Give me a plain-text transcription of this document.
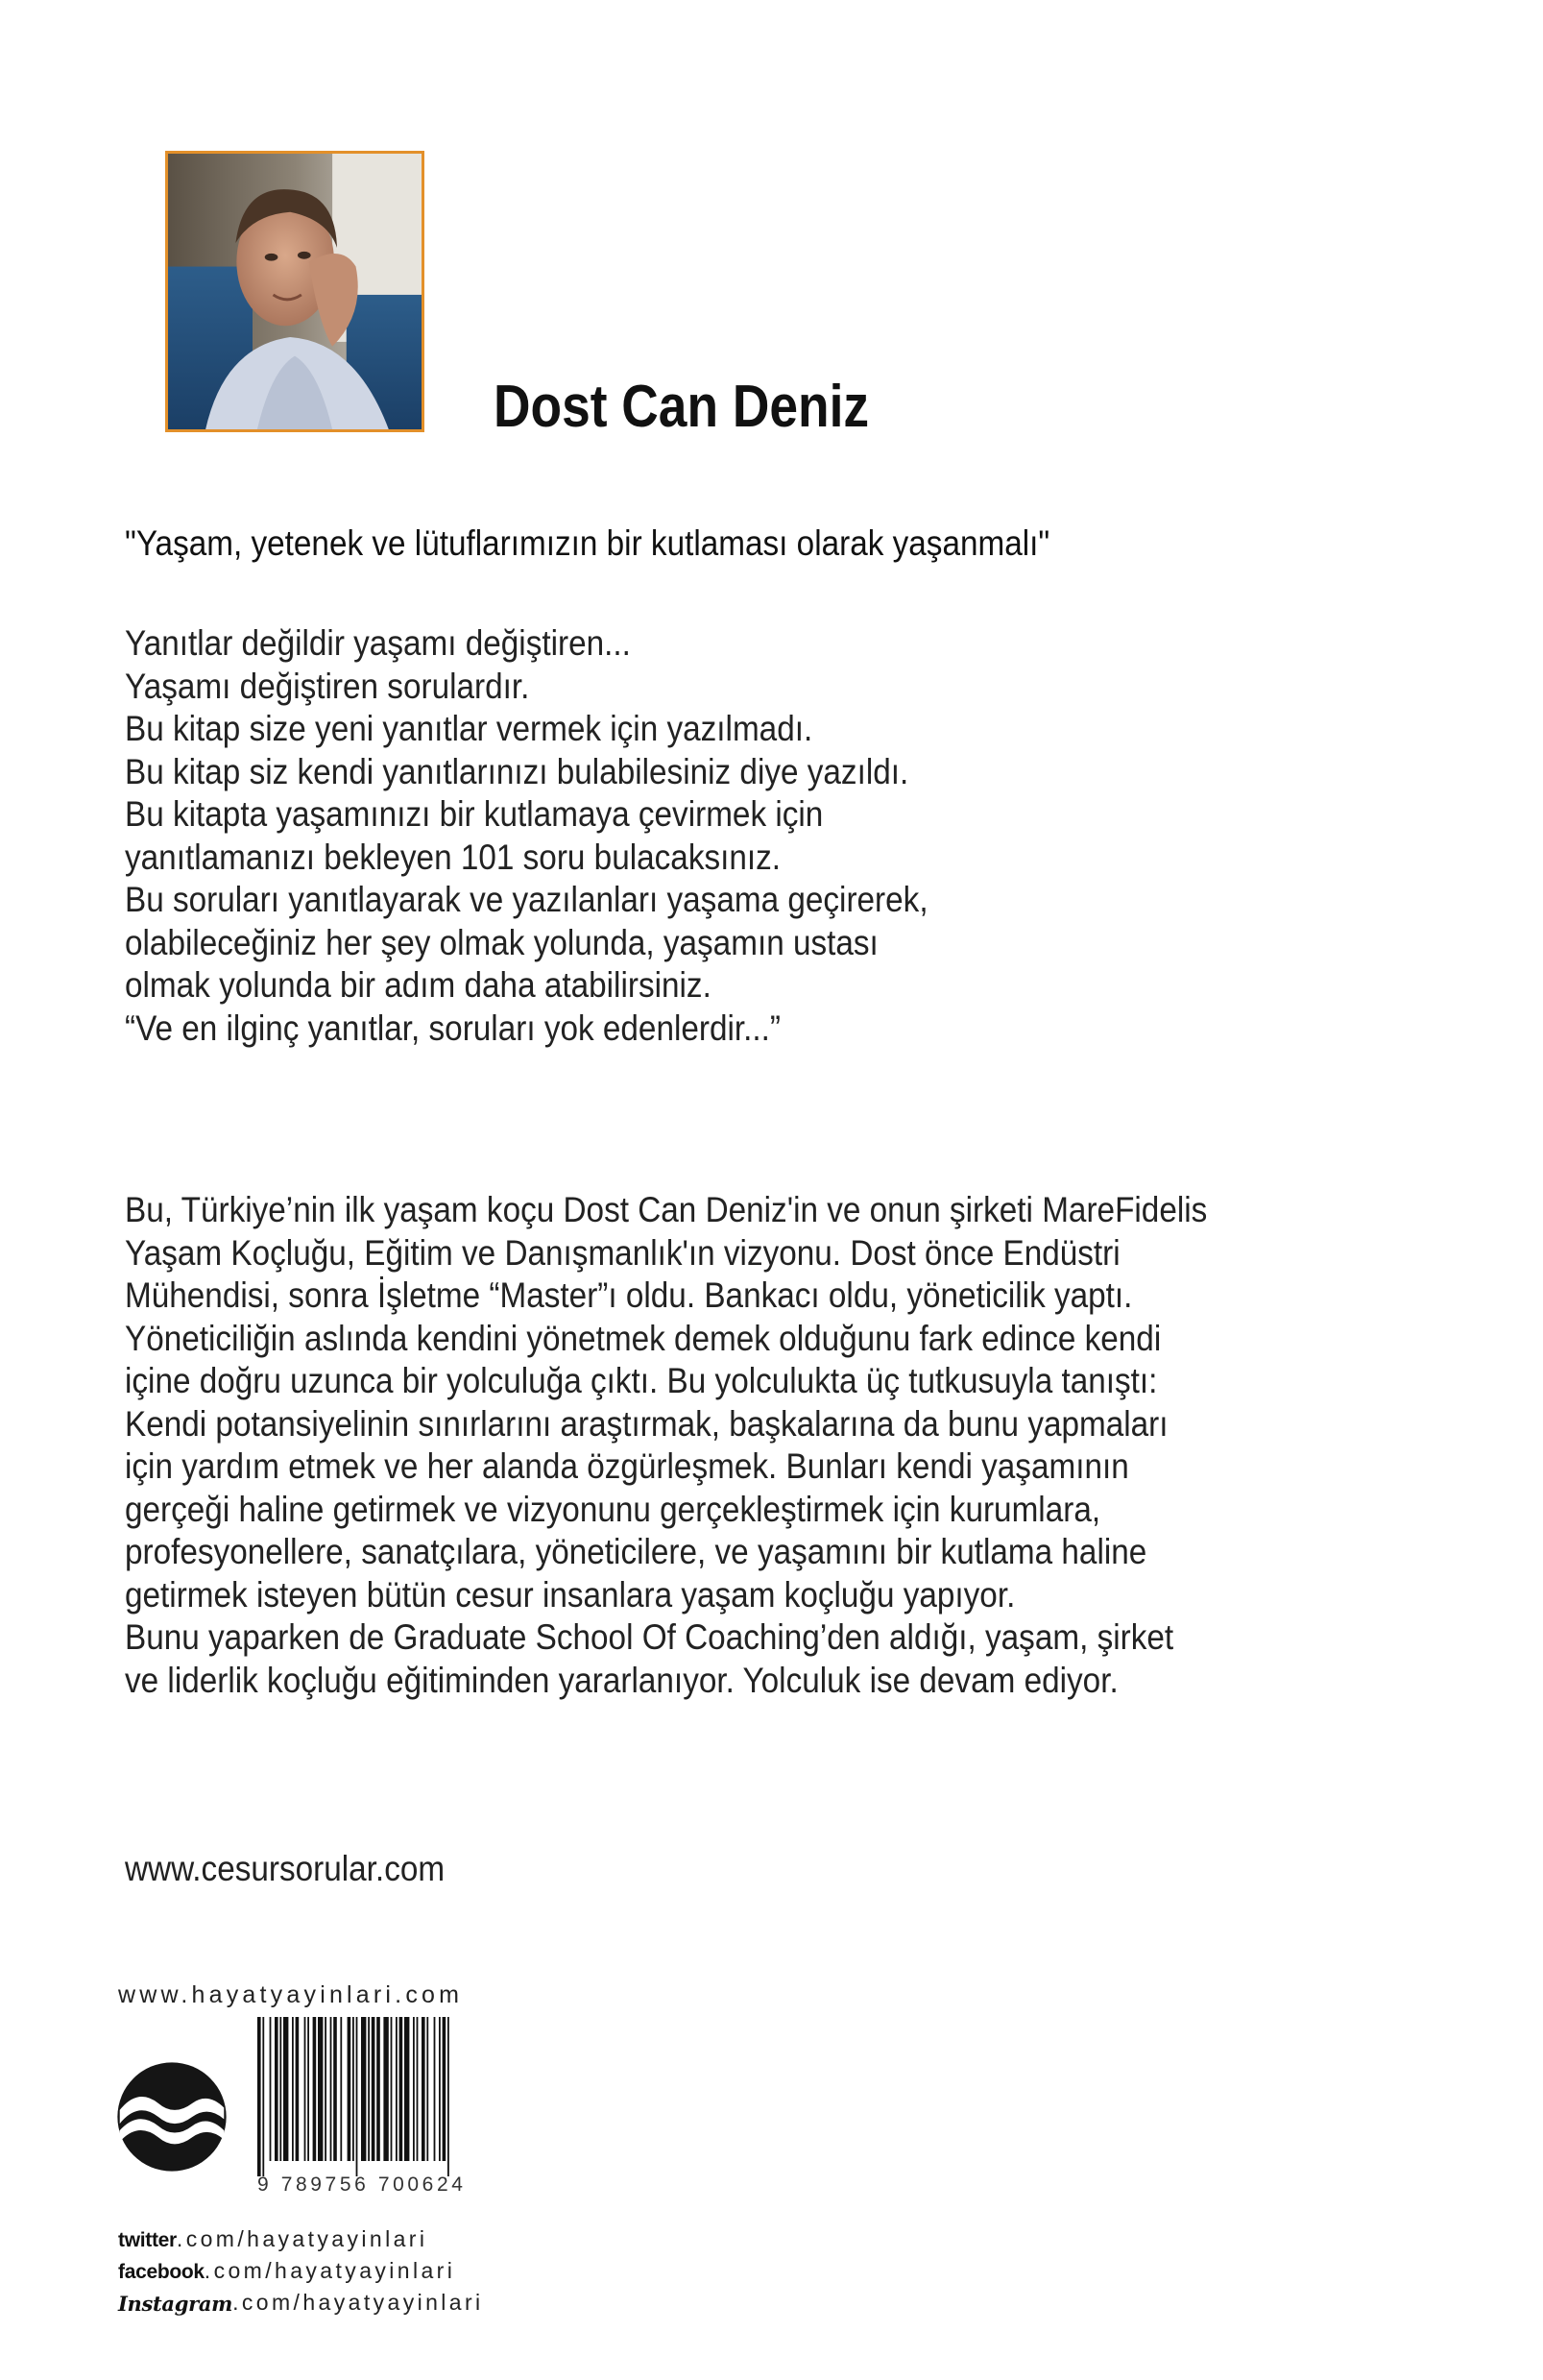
Dost Can Deniz
"Yaşam, yetenek ve lütuflarımızın bir kutlaması olarak yaşanmalı"
Yanıtlar değildir yaşamı değiştiren...
Yaşamı değiştiren sorulardır.
Bu kitap size yeni yanıtlar vermek için yazılmadı.
Bu kitap siz kendi yanıtlarınızı bulabilesiniz diye yazıldı.
Bu kitapta yaşamınızı bir kutlamaya çevirmek için
yanıtlamanızı bekleyen 101 soru bulacaksınız.
Bu soruları yanıtlayarak ve yazılanları yaşama geçirerek,
olabileceğiniz her şey olmak yolunda, yaşamın ustası
olmak yolunda bir adım daha atabilirsiniz.
“Ve en ilginç yanıtlar, soruları yok edenlerdir...”
Bu, Türkiye’nin ilk yaşam koçu Dost Can Deniz'in ve onun şirketi MareFidelis
Yaşam Koçluğu, Eğitim ve Danışmanlık'ın vizyonu. Dost önce Endüstri
Mühendisi, sonra İşletme “Master”ı oldu. Bankacı oldu, yöneticilik yaptı.
Yöneticiliğin aslında kendini yönetmek demek olduğunu fark edince kendi
içine doğru uzunca bir yolculuğa çıktı. Bu yolculukta üç tutkusuyla tanıştı:
Kendi potansiyelinin sınırlarını araştırmak, başkalarına da bunu yapmaları
için yardım etmek ve her alanda özgürleşmek. Bunları kendi yaşamının
gerçeği haline getirmek ve vizyonunu gerçekleştirmek için kurumlara,
profesyonellere, sanatçılara, yöneticilere, ve yaşamını bir kutlama haline
getirmek isteyen bütün cesur insanlara yaşam koçluğu yapıyor.
Bunu yaparken de Graduate School Of Coaching’den aldığı, yaşam, şirket
ve liderlik koçluğu eğitiminden yararlanıyor. Yolculuk ise devam ediyor.
www.cesursorular.com
www.hayatyayinlari.com
9 789756 700624
twitter .com/hayatyayinlari
facebook .com/hayatyayinlari
Instagram .com/hayatyayinlari
